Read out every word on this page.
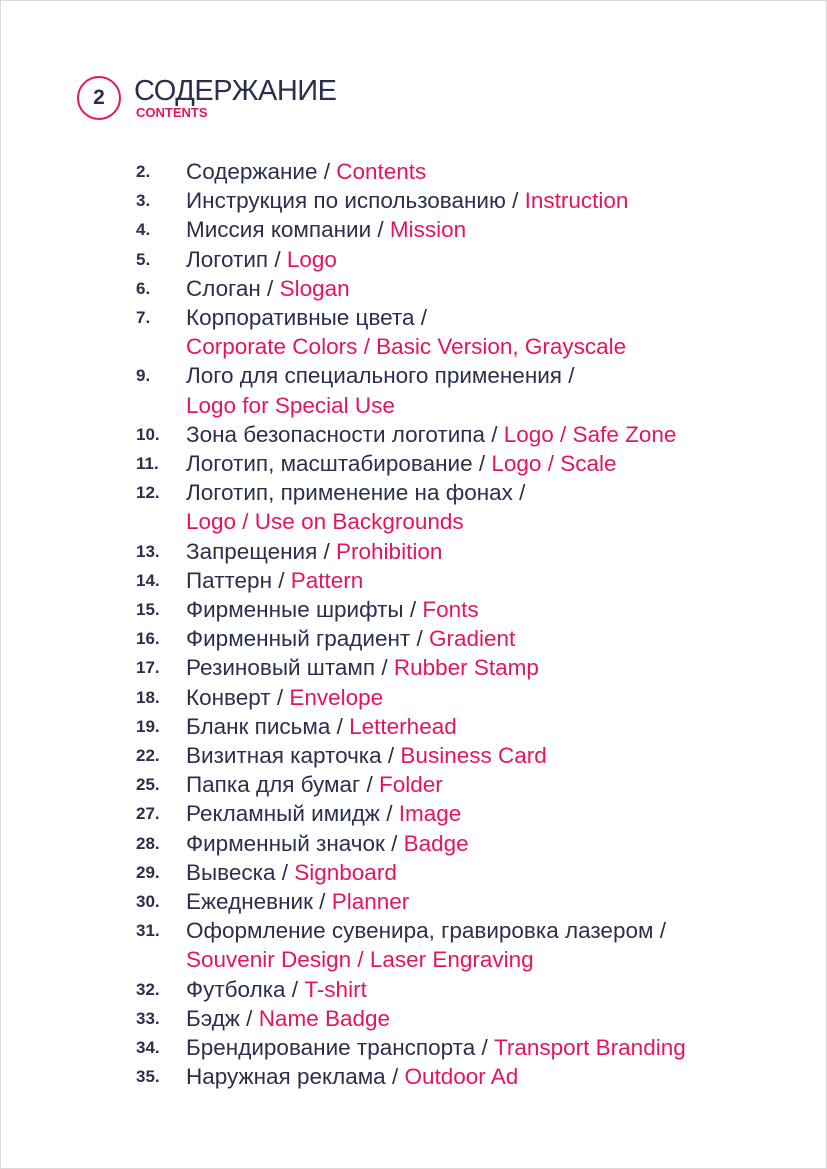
2	СОДЕРЖАНИЕ
CONTENTS
2.	Содержание / Contents
3.	Инструкция по использованию / Instruction
4.	Миссия компании / Mission
5.	Логотип / Logo
6.	Слоган / Slogan
7.	Корпоративные цвета /
Corporate Colors / Basic Version, Grayscale
9.	Лого для специального применения /
Logo for Special Use
10.	Зона безопасности логотипа / Logo / Safe Zone
11.	Логотип, масштабирование / Logo / Scale
12.	Логотип, применение на фонах /
Logo / Use on Backgrounds
13.	Запрещения / Prohibition
14.	Паттерн / Pattern
15.	Фирменные шрифты / Fonts
16.	Фирменный градиент / Gradient
17.	Резиновый штамп / Rubber Stamp
18.	Конверт / Envelope
19.	Бланк письма / Letterhead
22.	Визитная карточка / Business Card
25.	Папка для бумаг / Folder
27.	Рекламный имидж / Image
28.	Фирменный значок / Badge
29.	Вывеска / Signboard
30.	Ежедневник / Planner
31.	Оформление сувенира, гравировка лазером /
Souvenir Design / Laser Engraving
32.	Футболка / T-shirt
33.	Бэдж / Name Badge
34.	Брендирование транспорта / Transport Branding
35.	Наружная реклама / Outdoor Ad
